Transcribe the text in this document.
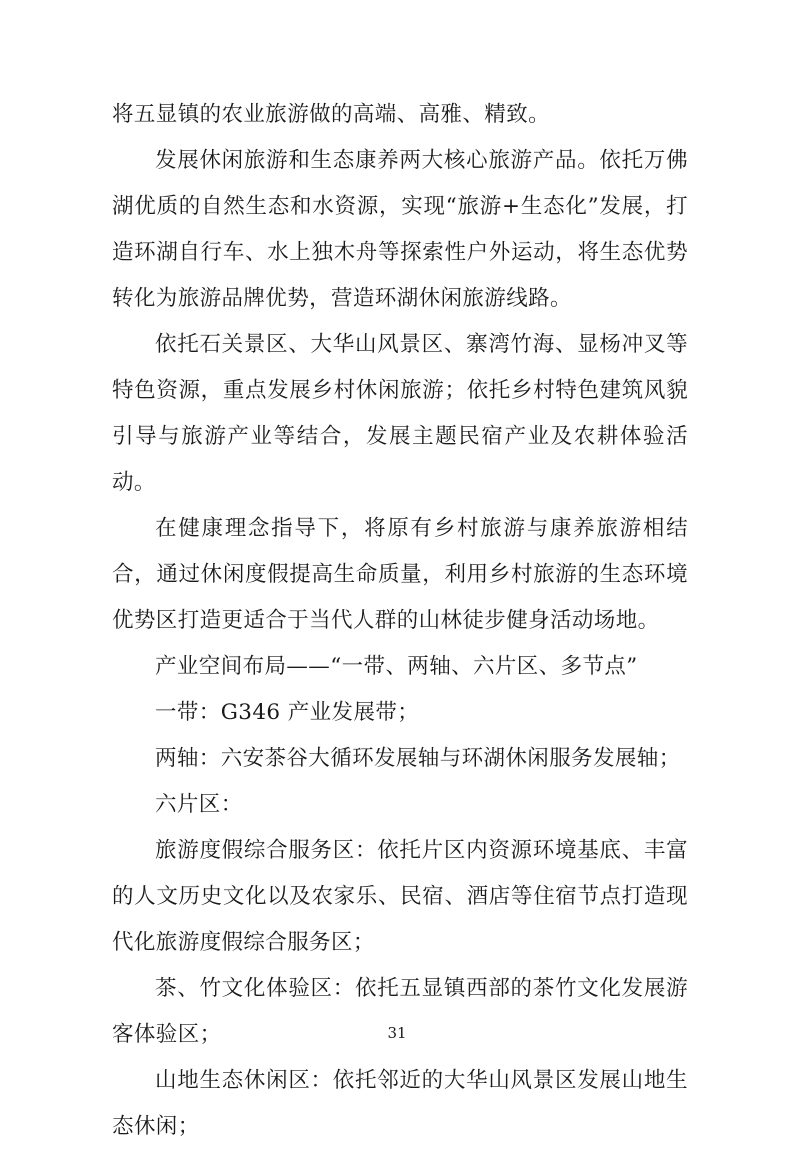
将五显镇的农业旅游做的高端、高雅、精致。

发展休闲旅游和生态康养两大核心旅游产品。依托万佛湖优质的自然生态和水资源，实现“旅游+生态化”发展，打造环湖自行车、水上独木舟等探索性户外运动，将生态优势转化为旅游品牌优势，营造环湖休闲旅游线路。

依托石关景区、大华山风景区、寨湾竹海、显杨冲叉等特色资源，重点发展乡村休闲旅游；依托乡村特色建筑风貌引导与旅游产业等结合，发展主题民宿产业及农耕体验活动。

在健康理念指导下，将原有乡村旅游与康养旅游相结合，通过休闲度假提高生命质量，利用乡村旅游的生态环境优势区打造更适合于当代人群的山林徒步健身活动场地。

产业空间布局——“一带、两轴、六片区、多节点”

一带：G346 产业发展带；

两轴：六安茶谷大循环发展轴与环湖休闲服务发展轴；

六片区：

旅游度假综合服务区：依托片区内资源环境基底、丰富的人文历史文化以及农家乐、民宿、酒店等住宿节点打造现代化旅游度假综合服务区；

茶、竹文化体验区：依托五显镇西部的茶竹文化发展游客体验区；

山地生态休闲区：依托邻近的大华山风景区发展山地生态休闲；

31
